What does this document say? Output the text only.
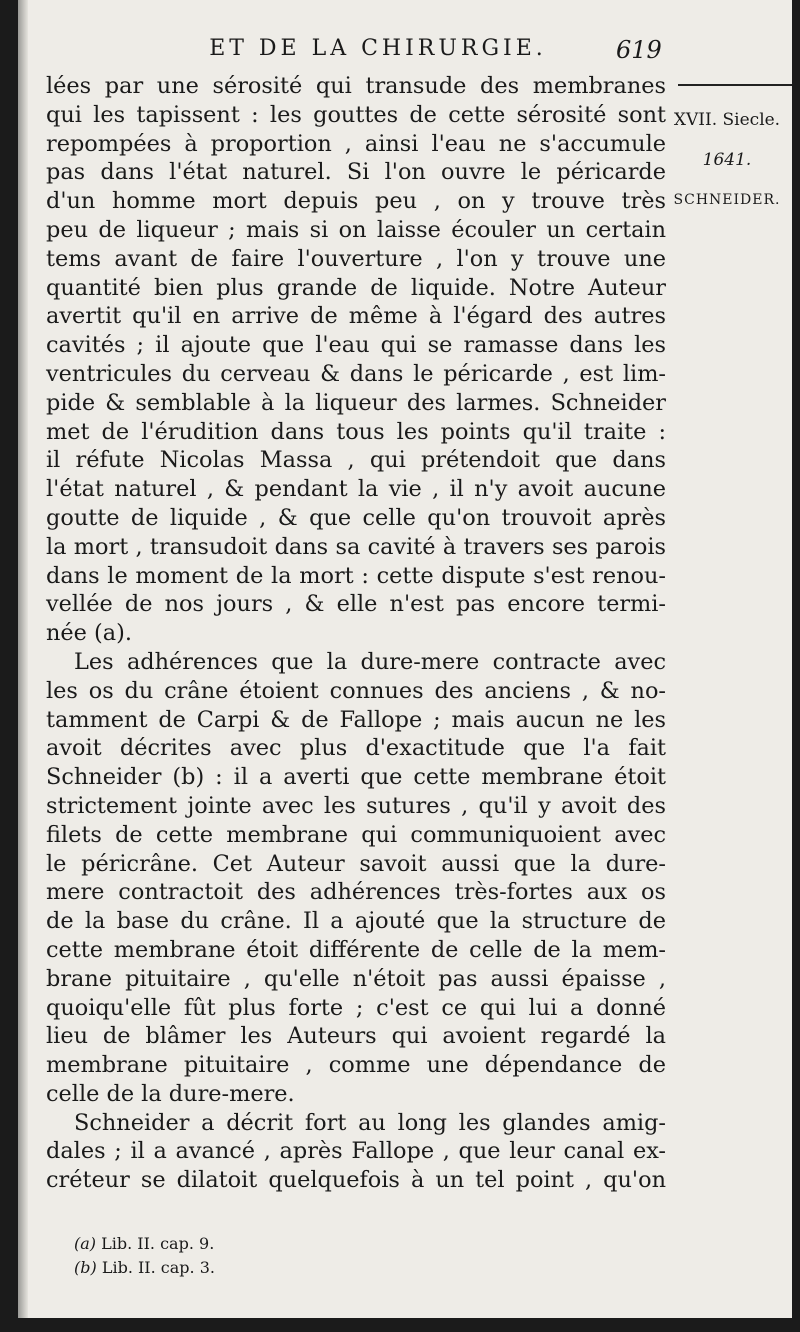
ET DE LA CHIRURGIE.	619
XVII. Siecle.
1641.
SCHNEIDER.

lées par une sérosité qui transude des membranes
qui les tapissent : les gouttes de cette sérosité sont
repompées à proportion , ainsi l'eau ne s'accumule
pas dans l'état naturel. Si l'on ouvre le péricarde
d'un homme mort depuis peu , on y trouve très
peu de liqueur ; mais si on laisse écouler un certain
tems avant de faire l'ouverture , l'on y trouve une
quantité bien plus grande de liquide. Notre Auteur
avertit qu'il en arrive de même à l'égard des autres
cavités ; il ajoute que l'eau qui se ramasse dans les
ventricules du cerveau & dans le péricarde , est lim-
pide & semblable à la liqueur des larmes. Schneider
met de l'érudition dans tous les points qu'il traite :
il réfute Nicolas Massa , qui prétendoit que dans
l'état naturel , & pendant la vie , il n'y avoit aucune
goutte de liquide , & que celle qu'on trouvoit après
la mort , transudoit dans sa cavité à travers ses parois
dans le moment de la mort : cette dispute s'est renou-
vellée de nos jours , & elle n'est pas encore termi-
née (a).

Les adhérences que la dure-mere contracte avec
les os du crâne étoient connues des anciens , & no-
tamment de Carpi & de Fallope ; mais aucun ne les
avoit décrites avec plus d'exactitude que l'a fait
Schneider (b) : il a averti que cette membrane étoit
strictement jointe avec les sutures , qu'il y avoit des
filets de cette membrane qui communiquoient avec
le péricrâne. Cet Auteur savoit aussi que la dure-
mere contractoit des adhérences très-fortes aux os
de la base du crâne. Il a ajouté que la structure de
cette membrane étoit différente de celle de la mem-
brane pituitaire , qu'elle n'étoit pas aussi épaisse ,
quoiqu'elle fût plus forte ; c'est ce qui lui a donné
lieu de blâmer les Auteurs qui avoient regardé la
membrane pituitaire , comme une dépendance de
celle de la dure-mere.

Schneider a décrit fort au long les glandes amig-
dales ; il a avancé , après Fallope , que leur canal ex-
créteur se dilatoit quelquefois à un tel point , qu'on

(a) Lib. II. cap. 9.
(b) Lib. II. cap. 3.
